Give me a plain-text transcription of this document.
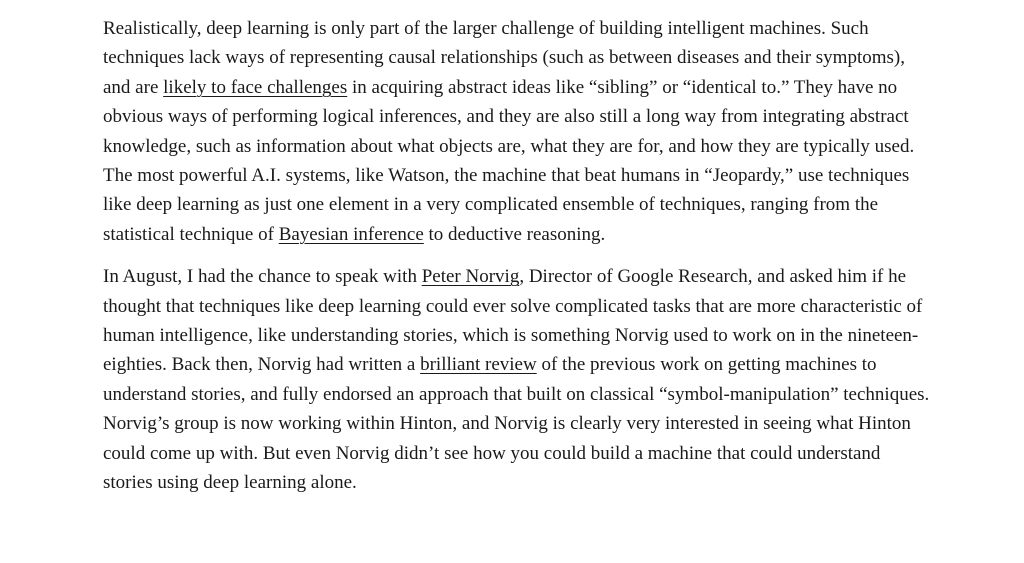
Realistically, deep learning is only part of the larger challenge of building intelligent machines. Such techniques lack ways of representing causal relationships (such as between diseases and their symptoms), and are likely to face challenges in acquiring abstract ideas like “sibling” or “identical to.” They have no obvious ways of performing logical inferences, and they are also still a long way from integrating abstract knowledge, such as information about what objects are, what they are for, and how they are typically used. The most powerful A.I. systems, like Watson, the machine that beat humans in “Jeopardy,” use techniques like deep learning as just one element in a very complicated ensemble of techniques, ranging from the statistical technique of Bayesian inference to deductive reasoning.

In August, I had the chance to speak with Peter Norvig, Director of Google Research, and asked him if he thought that techniques like deep learning could ever solve complicated tasks that are more characteristic of human intelligence, like understanding stories, which is something Norvig used to work on in the nineteen-eighties. Back then, Norvig had written a brilliant review of the previous work on getting machines to understand stories, and fully endorsed an approach that built on classical “symbol-manipulation” techniques. Norvig’s group is now working within Hinton, and Norvig is clearly very interested in seeing what Hinton could come up with. But even Norvig didn’t see how you could build a machine that could understand stories using deep learning alone.
